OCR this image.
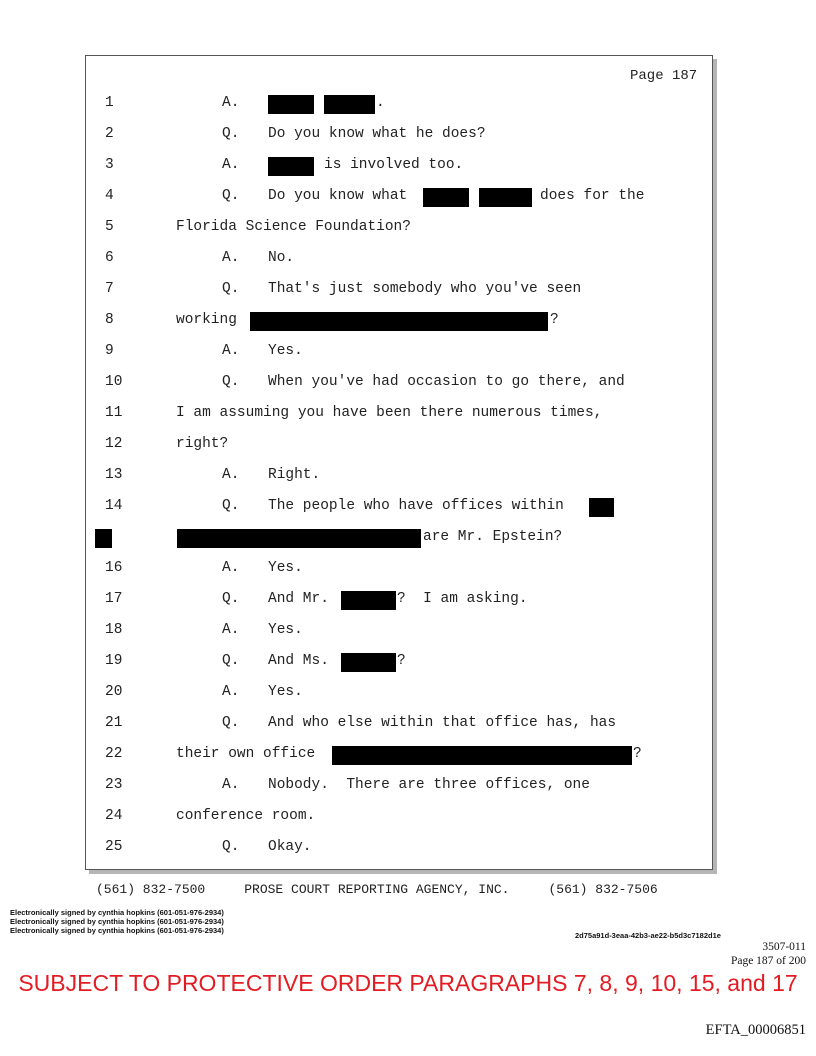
Page 187

1

	A.

	.

2

	Q.

Do you know what he does?

3

	A.

	is involved too.

4

	Q.

Do you know what

	does for the

5

	Florida Science Foundation?

6

	A.

No.

7

	Q.

That's just somebody who you've seen

8

	working

	?

9

	A.

Yes.

10

	Q.

When you've had occasion to go there, and

11

	I am assuming you have been there numerous times,

12

	right?

13

	A.

Right.

14

	Q.

The people who have offices within

are Mr. Epstein?

16

	A.

Yes.

17

	Q.

And Mr.

	?  I am asking.

18

	A.

Yes.

19

	Q.

And Ms.

	?

20

	A.

Yes.

21

	Q.

And who else within that office has, has

22

	their own office

	?

23

	A.

Nobody.  There are three offices, one

24

	conference room.

25

	Q.

Okay.

(561) 832-7500     PROSE COURT REPORTING AGENCY, INC.     (561) 832-7506
Electronically signed by cynthia hopkins (601-051-976-2934)
Electronically signed by cynthia hopkins (601-051-976-2934)
Electronically signed by cynthia hopkins (601-051-976-2934)
2d75a91d-3eaa-42b3-ae22-b5d3c7182d1e
3507-011
Page 187 of 200
SUBJECT TO PROTECTIVE ORDER PARAGRAPHS 7, 8, 9, 10, 15, and 17
EFTA_00006851
